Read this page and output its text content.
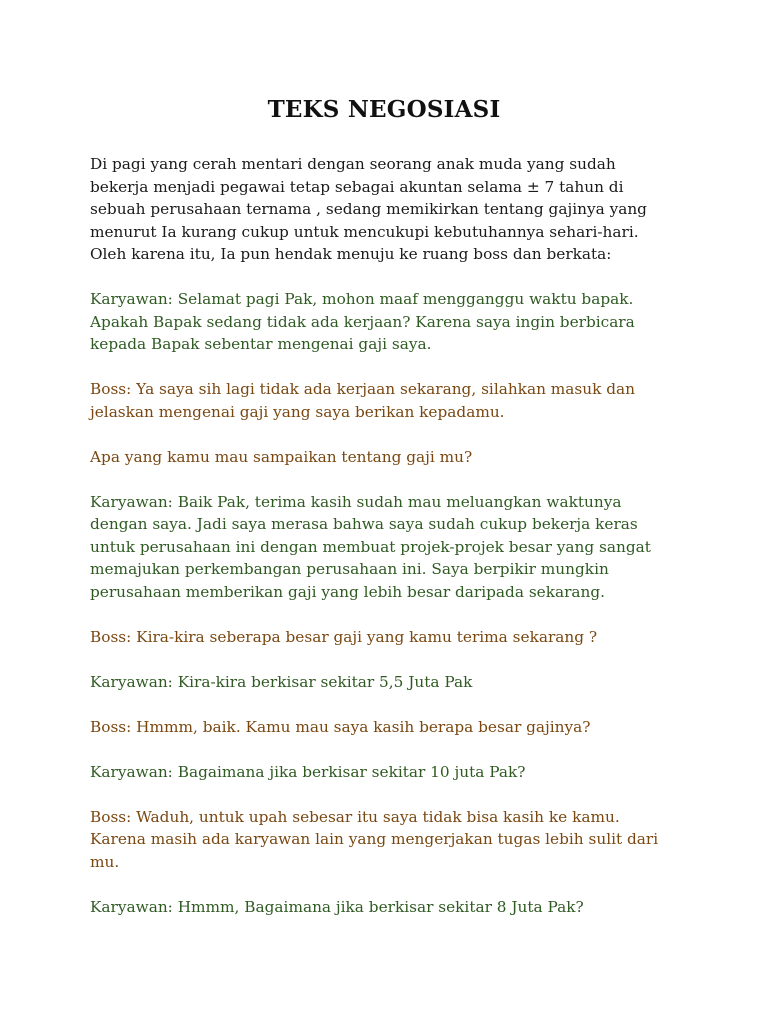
TEKS NEGOSIASI
Di pagi yang cerah mentari dengan seorang anak muda yang sudah bekerja menjadi pegawai tetap sebagai akuntan selama ± 7 tahun di sebuah perusahaan ternama , sedang memikirkan tentang gajinya yang menurut Ia kurang cukup untuk mencukupi kebutuhannya sehari-hari. Oleh karena itu, Ia pun hendak menuju ke ruang boss dan berkata:
Karyawan: Selamat pagi Pak, mohon maaf mengganggu waktu bapak. Apakah Bapak sedang tidak ada kerjaan? Karena saya ingin berbicara kepada Bapak sebentar mengenai gaji saya.
Boss: Ya saya sih lagi tidak ada kerjaan sekarang, silahkan masuk dan jelaskan mengenai gaji yang saya berikan kepadamu.
Apa yang kamu mau sampaikan tentang gaji mu?
Karyawan: Baik Pak, terima kasih sudah mau meluangkan waktunya dengan saya. Jadi saya merasa bahwa saya sudah cukup bekerja keras untuk perusahaan ini dengan membuat projek-projek besar yang sangat memajukan perkembangan perusahaan ini. Saya berpikir mungkin perusahaan memberikan gaji yang lebih besar daripada sekarang.
Boss: Kira-kira seberapa besar gaji yang kamu terima sekarang ?
Karyawan: Kira-kira berkisar sekitar 5,5 Juta Pak
Boss: Hmmm, baik. Kamu mau saya kasih berapa besar gajinya?
Karyawan: Bagaimana jika berkisar sekitar 10 juta Pak?
Boss: Waduh, untuk upah sebesar itu saya tidak bisa kasih ke kamu. Karena masih ada karyawan lain yang mengerjakan tugas lebih sulit dari mu.
Karyawan: Hmmm, Bagaimana jika berkisar sekitar 8 Juta Pak?
